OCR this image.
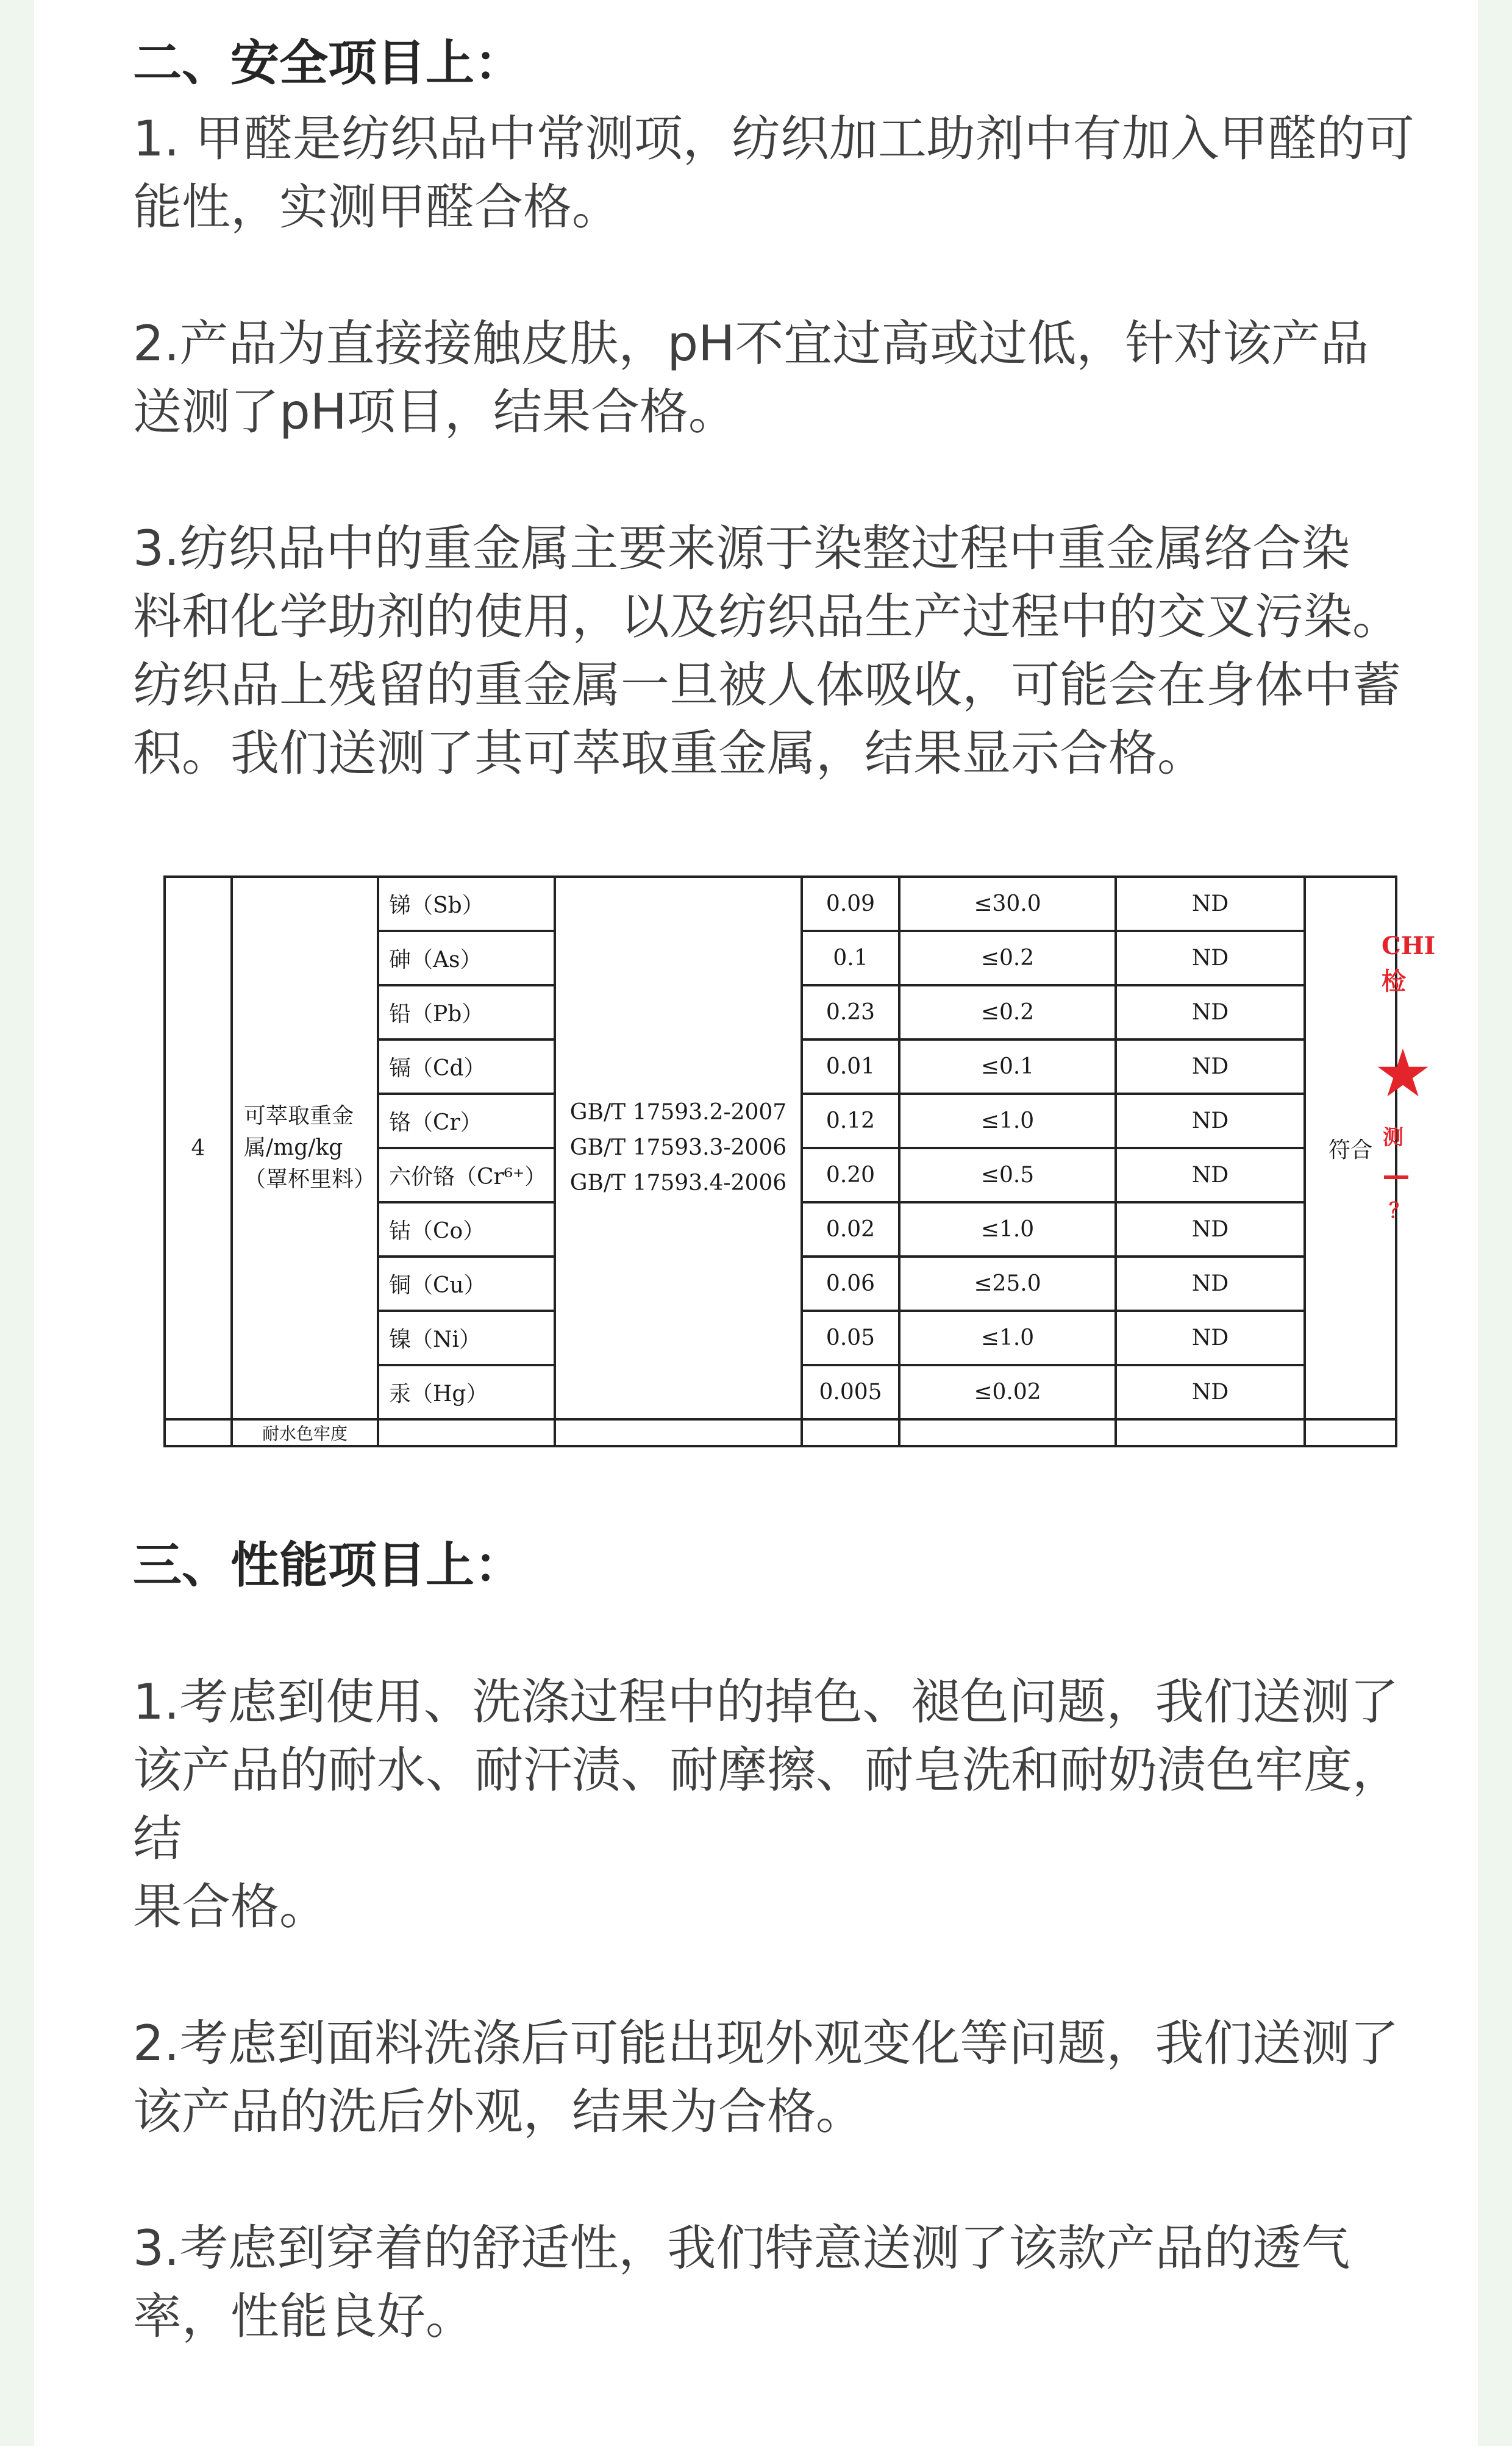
二、安全项目上：

1. 甲醛是纺织品中常测项，纺织加工助剂中有加入甲醛的可
能性，实测甲醛合格。

2.产品为直接接触皮肤，pH不宜过高或过低，针对该产品
送测了pH项目，结果合格。

3.纺织品中的重金属主要来源于染整过程中重金属络合染
料和化学助剂的使用，以及纺织品生产过程中的交叉污染。
纺织品上残留的重金属一旦被人体吸收，可能会在身体中蓄
积。我们送测了其可萃取重金属，结果显示合格。

4	可萃取重金属/mg/kg（罩杯里料）	锑（Sb）	GB/T 17593.2-2007
GB/T 17593.3-2006
GB/T 17593.4-2006	0.09	≤30.0	ND	符合
		砷（As）		0.1	≤0.2	ND	
		铅（Pb）		0.23	≤0.2	ND	
		镉（Cd）		0.01	≤0.1	ND	
		铬（Cr）		0.12	≤1.0	ND	
		六价铬（Cr⁶⁺）		0.20	≤0.5	ND	
		钴（Co）		0.02	≤1.0	ND	
		铜（Cu）		0.06	≤25.0	ND	
		镍（Ni）		0.05	≤1.0	ND	
		汞（Hg）		0.005	≤0.02	ND	
	耐水色牢度						
CHI
检
★
测
？

三、性能项目上：

1.考虑到使用、洗涤过程中的掉色、褪色问题，我们送测了
该产品的耐水、耐汗渍、耐摩擦、耐皂洗和耐奶渍色牢度，结
果合格。

2.考虑到面料洗涤后可能出现外观变化等问题，我们送测了
该产品的洗后外观，结果为合格。

3.考虑到穿着的舒适性，我们特意送测了该款产品的透气
率，性能良好。
